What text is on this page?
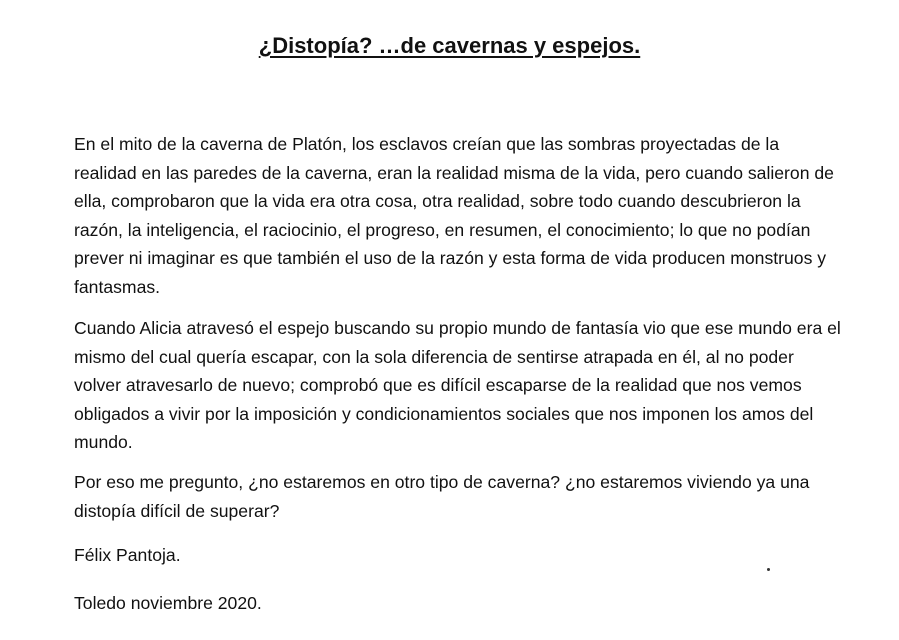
¿Distopía? …de cavernas y espejos.

En el mito de la caverna de Platón, los esclavos creían que las sombras proyectadas de la realidad en las paredes de la caverna, eran la realidad misma de la vida, pero cuando salieron de ella, comprobaron que la vida era otra cosa, otra realidad, sobre todo cuando descubrieron la razón, la inteligencia, el raciocinio, el progreso, en resumen, el conocimiento; lo que no podían prever ni imaginar es que también el uso de la razón y esta forma de vida producen monstruos y fantasmas.

Cuando Alicia atravesó el espejo buscando su propio mundo de fantasía vio que ese mundo era el mismo del cual quería escapar, con la sola diferencia de sentirse atrapada en él, al no poder volver atravesarlo de nuevo; comprobó que es difícil escaparse de la realidad que nos vemos obligados a vivir por la imposición y condicionamientos sociales que nos imponen los amos del mundo.

Por eso me pregunto, ¿no estaremos en otro tipo de caverna? ¿no estaremos viviendo ya una distopía difícil de superar?

Félix Pantoja.

Toledo noviembre 2020.
